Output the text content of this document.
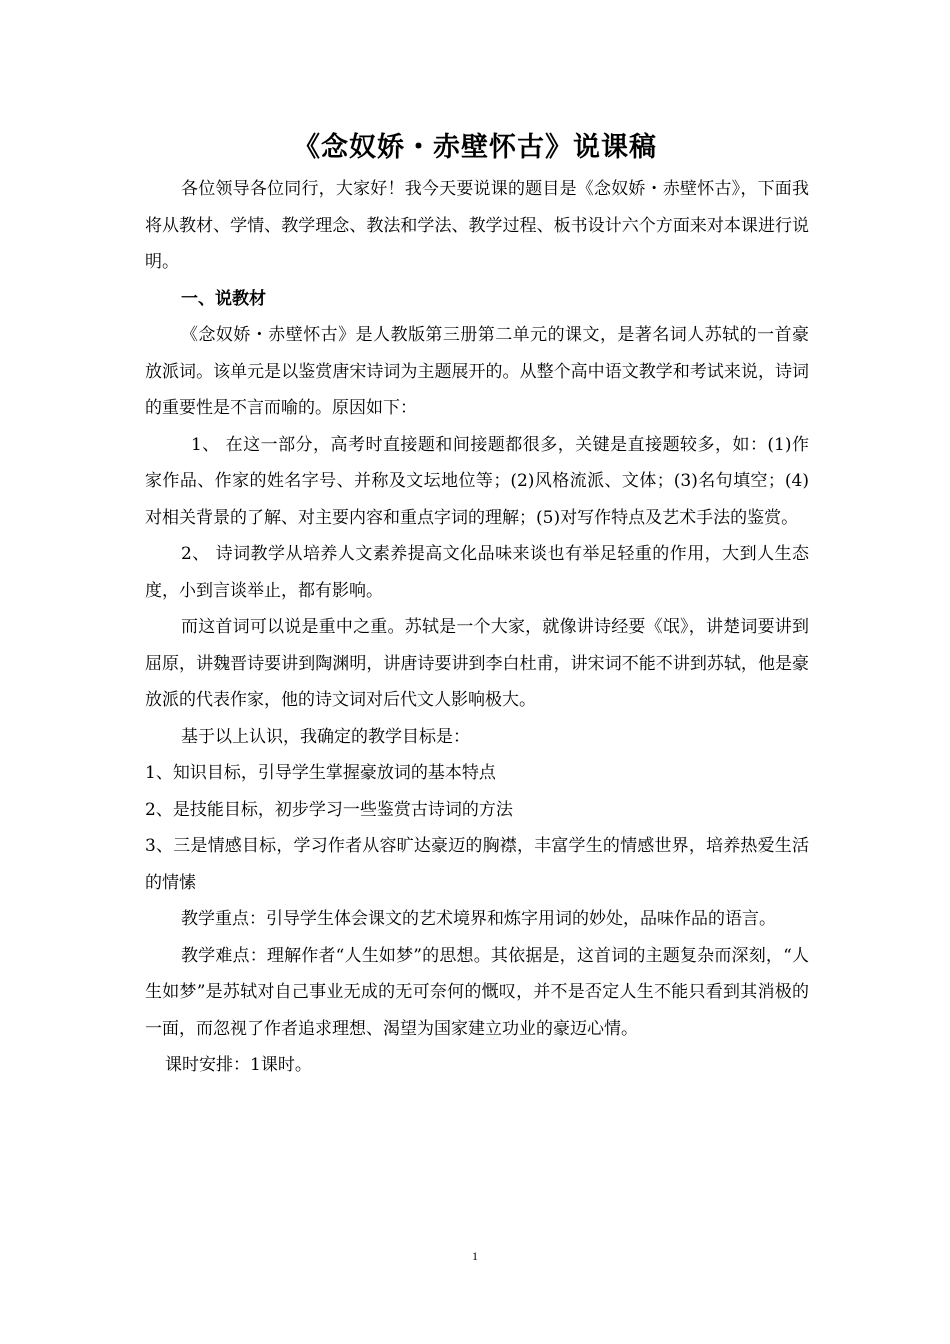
《念奴娇・赤壁怀古》说课稿

各位领导各位同行，大家好！我今天要说课的题目是《念奴娇・赤壁怀古》，下面我将从教材、学情、教学理念、教法和学法、教学过程、板书设计六个方面来对本课进行说明。

一、说教材

《念奴娇・赤壁怀古》是人教版第三册第二单元的课文，是著名词人苏轼的一首豪放派词。该单元是以鉴赏唐宋诗词为主题展开的。从整个高中语文教学和考试来说，诗词的重要性是不言而喻的。原因如下：

1、 在这一部分，高考时直接题和间接题都很多，关键是直接题较多，如：(1)作家作品、作家的姓名字号、并称及文坛地位等；(2)风格流派、文体；(3)名句填空；(4)对相关背景的了解、对主要内容和重点字词的理解；(5)对写作特点及艺术手法的鉴赏。

2、 诗词教学从培养人文素养提高文化品味来谈也有举足轻重的作用，大到人生态度，小到言谈举止，都有影响。

而这首词可以说是重中之重。苏轼是一个大家，就像讲诗经要《氓》，讲楚词要讲到屈原，讲魏晋诗要讲到陶渊明，讲唐诗要讲到李白杜甫，讲宋词不能不讲到苏轼，他是豪放派的代表作家，他的诗文词对后代文人影响极大。

基于以上认识，我确定的教学目标是：

1、知识目标，引导学生掌握豪放词的基本特点

2、是技能目标，初步学习一些鉴赏古诗词的方法

3、三是情感目标，学习作者从容旷达豪迈的胸襟，丰富学生的情感世界，培养热爱生活的情愫

教学重点：引导学生体会课文的艺术境界和炼字用词的妙处，品味作品的语言。

教学难点：理解作者“人生如梦”的思想。其依据是，这首词的主题复杂而深刻，“人生如梦”是苏轼对自己事业无成的无可奈何的慨叹，并不是否定人生不能只看到其消极的一面，而忽视了作者追求理想、渴望为国家建立功业的豪迈心情。

课时安排：1课时。

1
